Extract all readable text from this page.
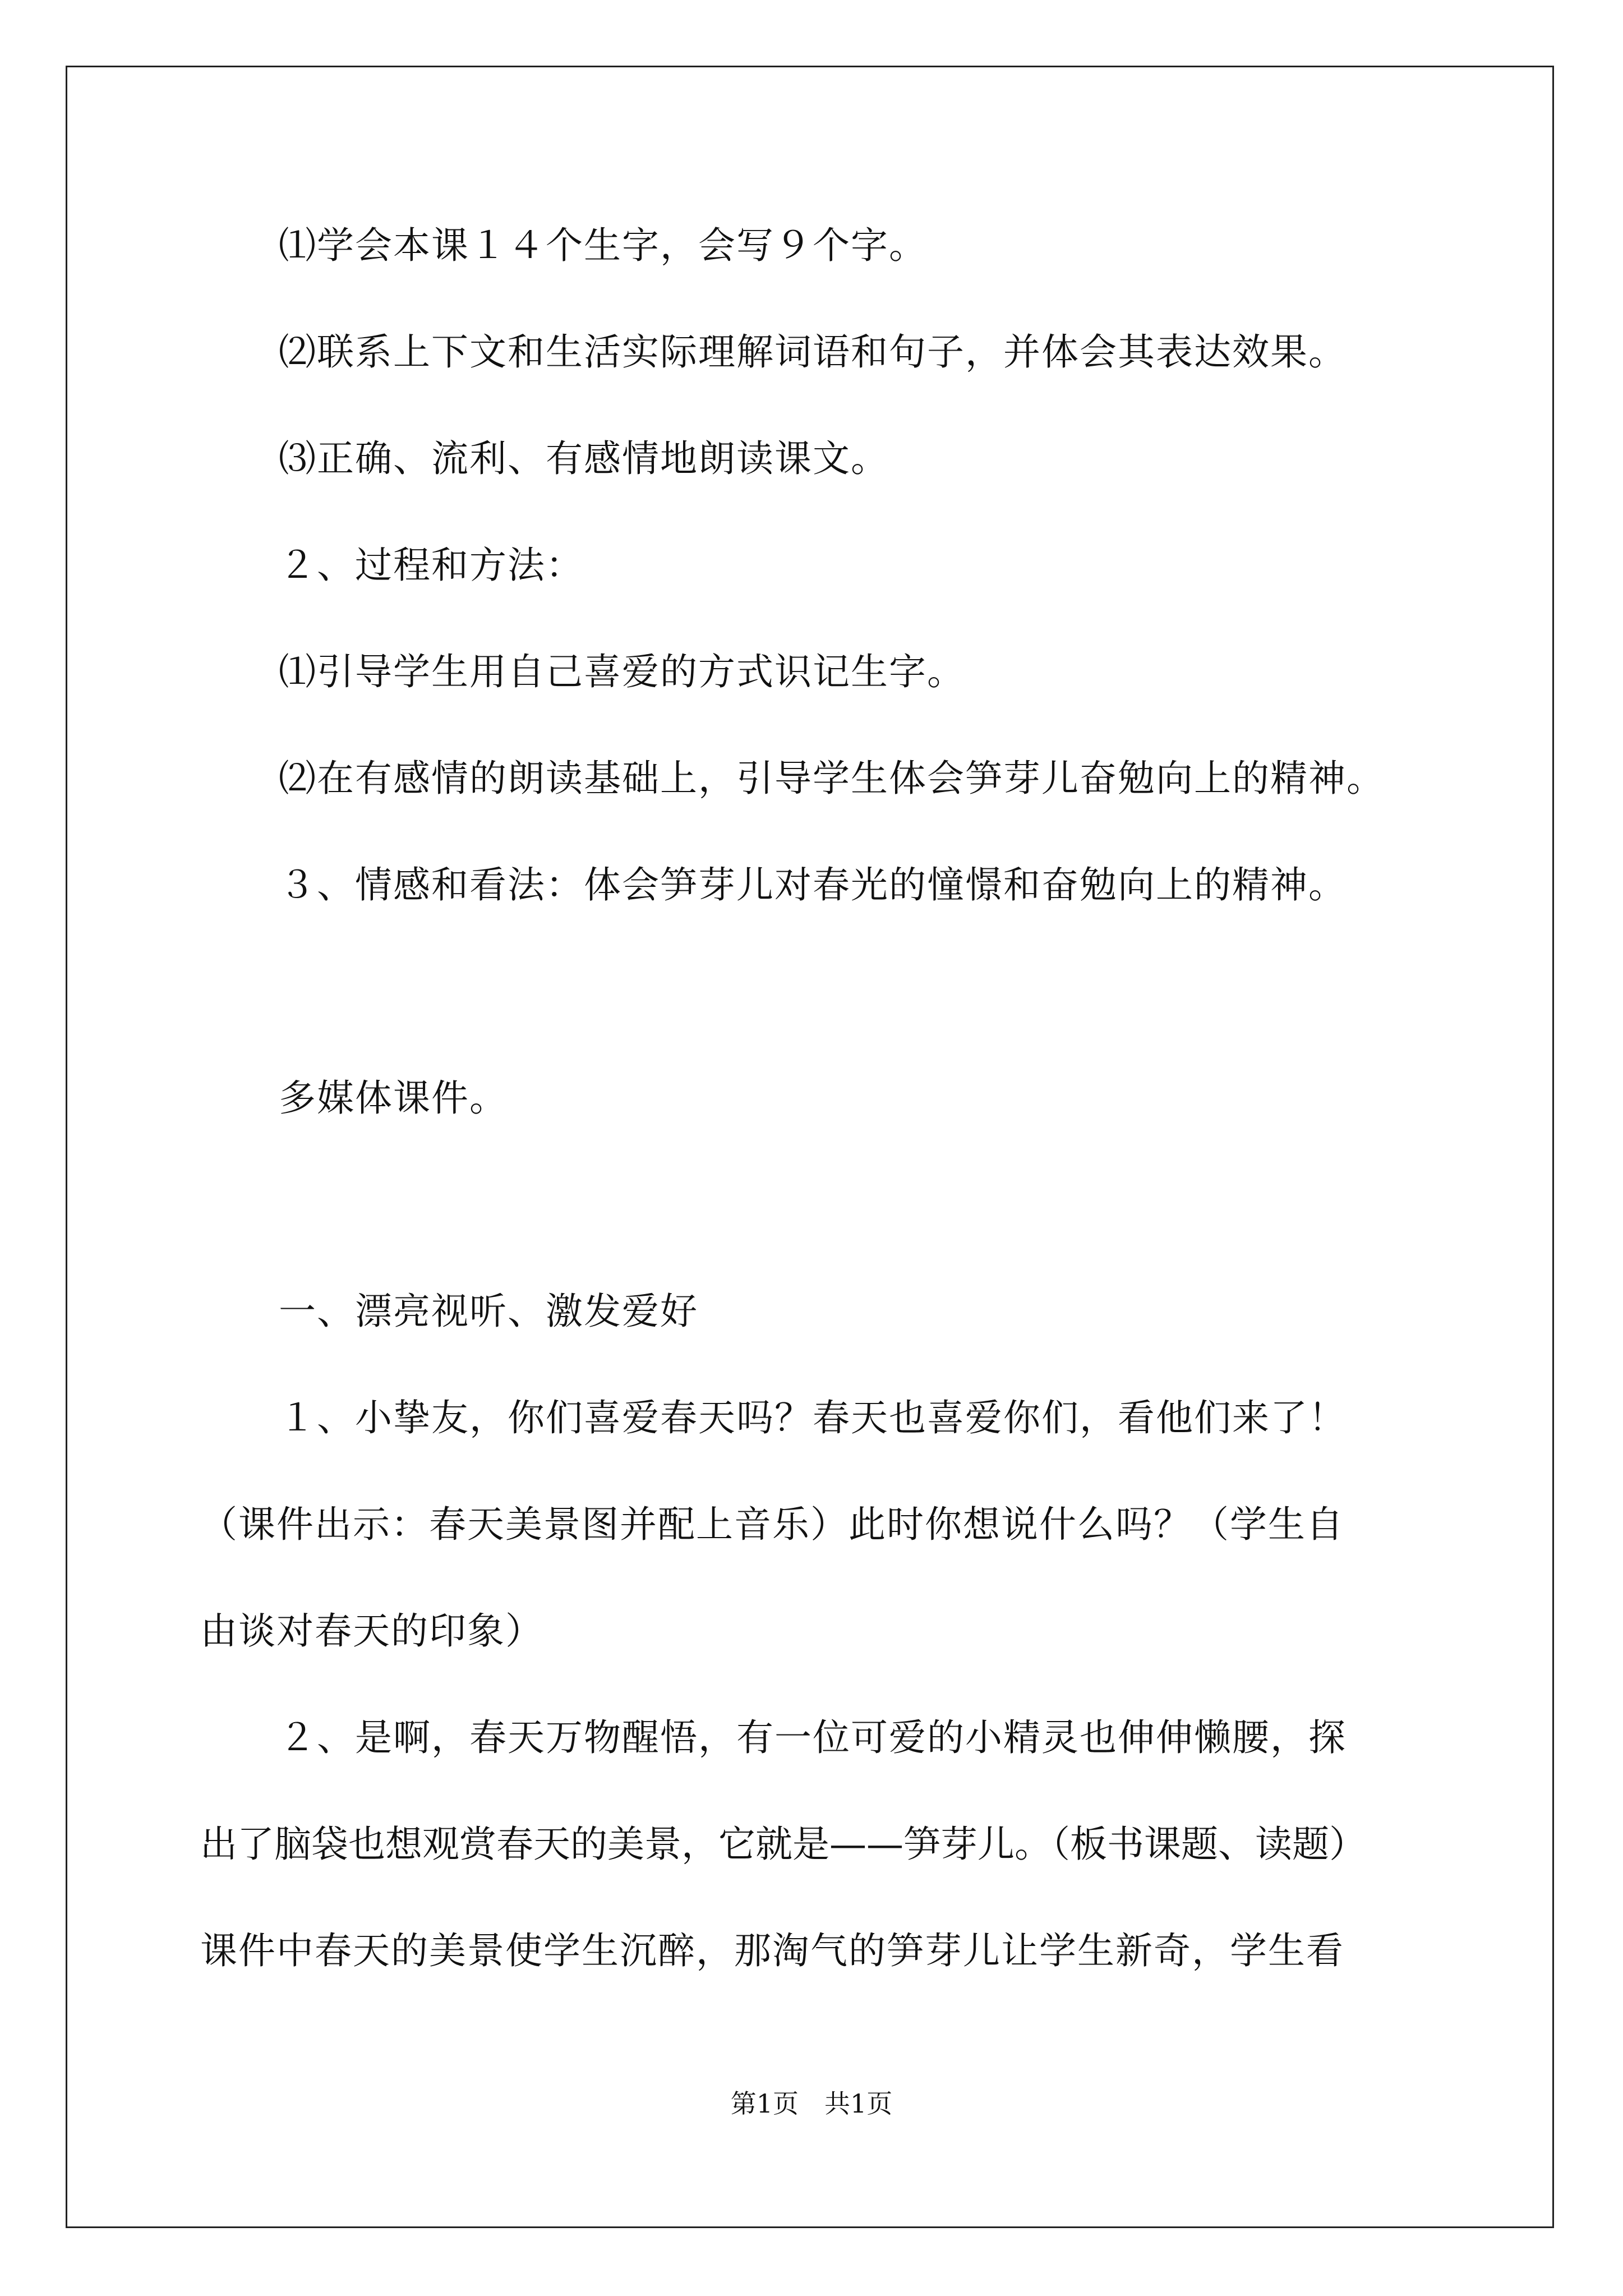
⑴学会本课１４个生字，会写９个字。
⑵联系上下文和生活实际理解词语和句子，并体会其表达效果。
⑶正确、流利、有感情地朗读课文。
２、过程和方法：
⑴引导学生用自己喜爱的方式识记生字。
⑵在有感情的朗读基础上，引导学生体会笋芽儿奋勉向上的精神。
３、情感和看法：体会笋芽儿对春光的憧憬和奋勉向上的精神。
多媒体课件。
一、漂亮视听、激发爱好
１、小挚友，你们喜爱春天吗？春天也喜爱你们，看他们来了！
（课件出示：春天美景图并配上音乐）此时你想说什么吗？（学生自
由谈对春天的印象）
２、是啊，春天万物醒悟，有一位可爱的小精灵也伸伸懒腰，探
出了脑袋也想观赏春天的美景，它就是——笋芽儿。（板书课题、读题）
课件中春天的美景使学生沉醉，那淘气的笋芽儿让学生新奇，学生看
第1页　共1页
